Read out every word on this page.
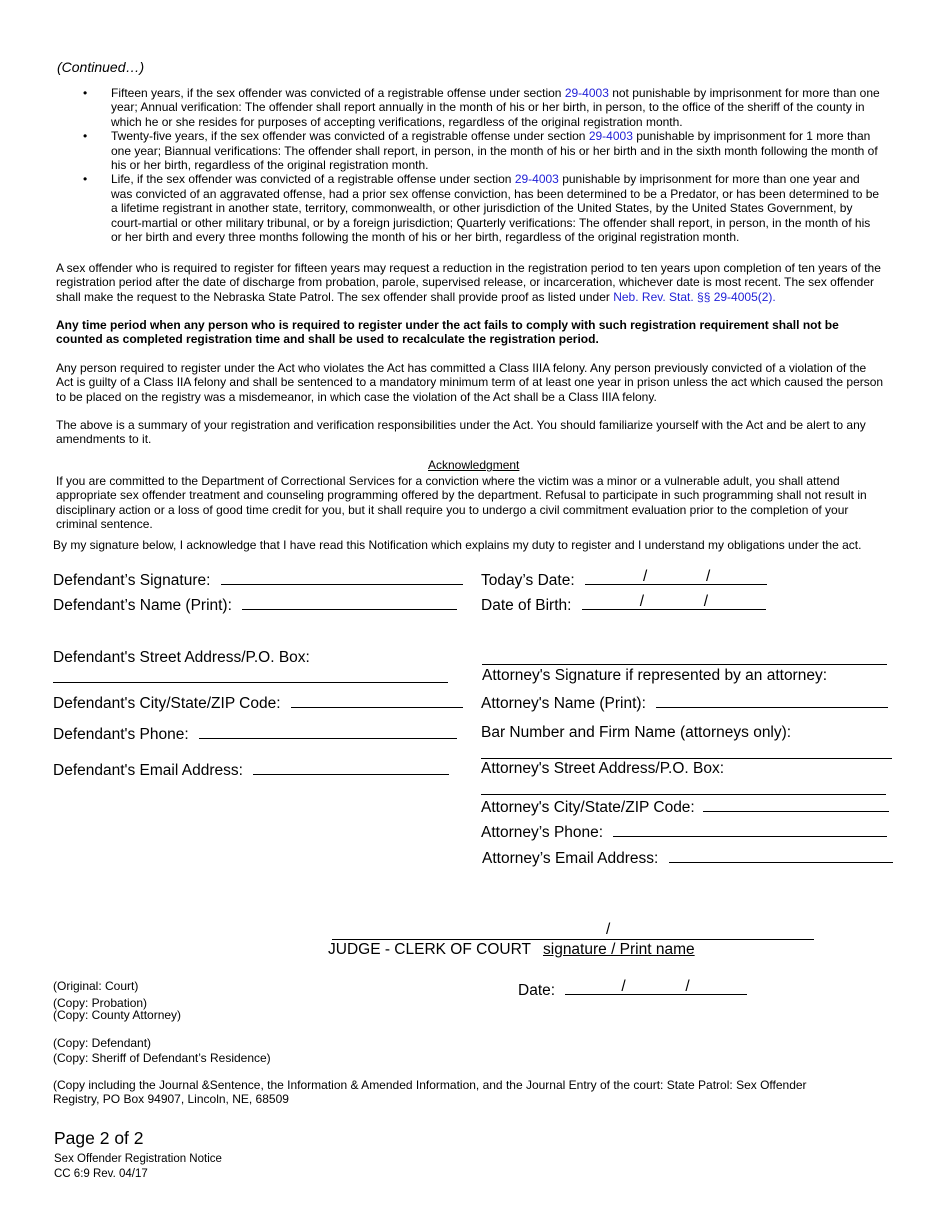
(Continued…)
• Fifteen years, if the sex offender was convicted of a registrable offense under section 29-4003 not punishable by imprisonment for more than one year; Annual verification: The offender shall report annually in the month of his or her birth, in person, to the office of the sheriff of the county in which he or she resides for purposes of accepting verifications, regardless of the original registration month.
• Twenty-five years, if the sex offender was convicted of a registrable offense under section 29-4003 punishable by imprisonment for 1 more than one year; Biannual verifications: The offender shall report, in person, in the month of his or her birth and in the sixth month following the month of his or her birth, regardless of the original registration month.
• Life, if the sex offender was convicted of a registrable offense under section 29-4003 punishable by imprisonment for more than one year and was convicted of an aggravated offense, had a prior sex offense conviction, has been determined to be a Predator, or has been determined to be a lifetime registrant in another state, territory, commonwealth, or other jurisdiction of the United States, by the United States Government, by court-martial or other military tribunal, or by a foreign jurisdiction; Quarterly verifications: The offender shall report, in person, in the month of his or her birth and every three months following the month of his or her birth, regardless of the original registration month.
A sex offender who is required to register for fifteen years may request a reduction in the registration period to ten years upon completion of ten years of the registration period after the date of discharge from probation, parole, supervised release, or incarceration, whichever date is most recent. The sex offender shall make the request to the Nebraska State Patrol. The sex offender shall provide proof as listed under Neb. Rev. Stat. §§ 29-4005(2).
Any time period when any person who is required to register under the act fails to comply with such registration requirement shall not be counted as completed registration time and shall be used to recalculate the registration period.
Any person required to register under the Act who violates the Act has committed a Class IIIA felony. Any person previously convicted of a violation of the Act is guilty of a Class IIA felony and shall be sentenced to a mandatory minimum term of at least one year in prison unless the act which caused the person to be placed on the registry was a misdemeanor, in which case the violation of the Act shall be a Class IIIA felony.
The above is a summary of your registration and verification responsibilities under the Act. You should familiarize yourself with the Act and be alert to any amendments to it.
Acknowledgment
If you are committed to the Department of Correctional Services for a conviction where the victim was a minor or a vulnerable adult, you shall attend appropriate sex offender treatment and counseling programming offered by the department. Refusal to participate in such programming shall not result in disciplinary action or a loss of good time credit for you, but it shall require you to undergo a civil commitment evaluation prior to the completion of your criminal sentence.
By my signature below, I acknowledge that I have read this Notification which explains my duty to register and I understand my obligations under the act.
Defendant’s Signature:
Defendant’s Name (Print):
Defendant's Street Address/P.O. Box:
Defendant's City/State/ZIP Code:
Defendant's Phone:
Defendant's Email Address:
Today’s Date:	/	/
Date of Birth:	/	/
Attorney's Signature if represented by an attorney:
Attorney's Name (Print):
Bar Number and Firm Name (attorneys only):
Attorney's Street Address/P.O. Box:
Attorney's City/State/ZIP Code:
Attorney’s Phone:
Attorney’s Email Address:
/
JUDGE - CLERK OF COURT signature / Print name
Date:	/	/
(Original: Court)
(Copy: Probation)
(Copy: County Attorney)
(Copy: Defendant)
(Copy: Sheriff of Defendant’s Residence)
(Copy including the Journal &Sentence, the Information & Amended Information, and the Journal Entry of the court: State Patrol: Sex Offender Registry, PO Box 94907, Lincoln, NE, 68509
Page 2 of 2
Sex Offender Registration Notice
CC 6:9 Rev. 04/17
